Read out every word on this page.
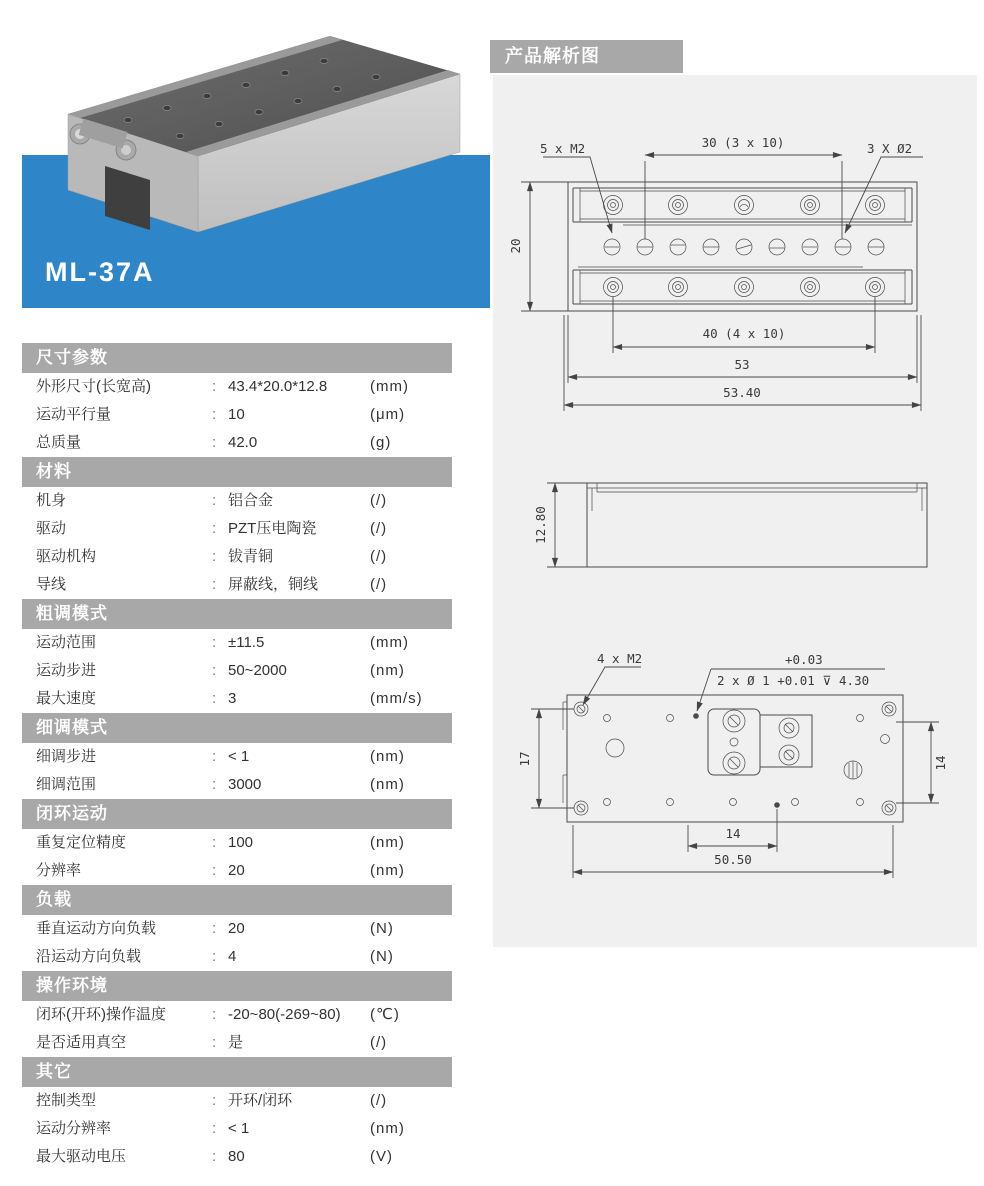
ML-37A
产品解析图
20
30 (3 x 10)
5 x M2	3 X Ø2
40 (4 x 10)
53
53.40
12.80
4 x M2	+0.03
2 x Ø 1 +0.01 ⊽ 4.30
17	14
14
50.50
尺寸参数
外形尺寸(长宽高)	: 43.4*20.0*12.8	(mm)
运动平行量	: 10	(μm)
总质量	: 42.0	(g)
材料
机身	: 铝合金	(/)
驱动	: PZT压电陶瓷	(/)
驱动机构	: 钹青铜	(/)
导线	: 屏蔽线，铜线	(/)
粗调模式
运动范围	: ±11.5	(mm)
运动步进	: 50~2000	(nm)
最大速度	: 3	(mm/s)
细调模式
细调步进	: < 1	(nm)
细调范围	: 3000	(nm)
闭环运动
重复定位精度	: 100	(nm)
分辨率	: 20	(nm)
负载
垂直运动方向负载	: 20	(N)
沿运动方向负载	: 4	(N)
操作环境
闭环(开环)操作温度	: -20~80(-269~80) (℃)
是否适用真空	: 是	(/)
其它
控制类型	: 开环/闭环	(/)
运动分辨率	: < 1	(nm)
最大驱动电压	: 80	(V)
